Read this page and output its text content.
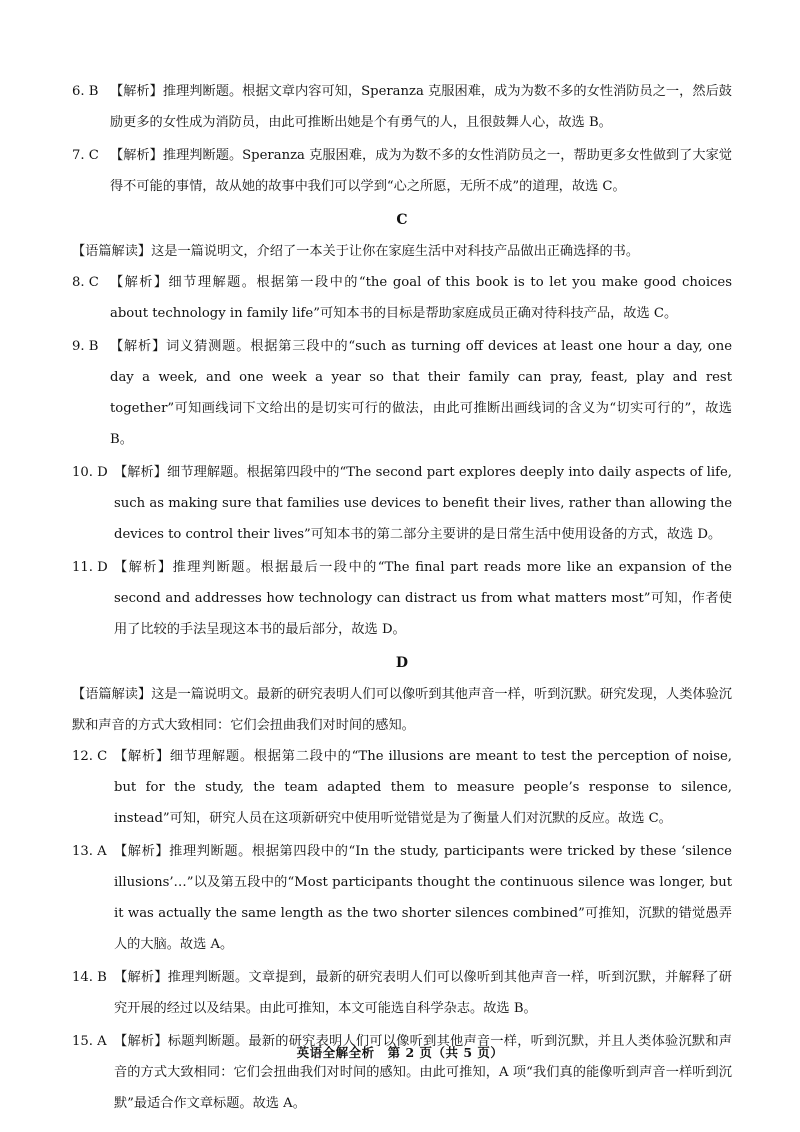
6. B 【解析】推理判断题。根据文章内容可知，Speranza 克服困难，成为为数不多的女性消防员之一，然后鼓励更多的女性成为消防员，由此可推断出她是个有勇气的人，且很鼓舞人心，故选 B。
7. C 【解析】推理判断题。Speranza 克服困难，成为为数不多的女性消防员之一，帮助更多女性做到了大家觉得不可能的事情，故从她的故事中我们可以学到“心之所愿，无所不成”的道理，故选 C。
C
【语篇解读】这是一篇说明文，介绍了一本关于让你在家庭生活中对科技产品做出正确选择的书。
8. C 【解析】细节理解题。根据第一段中的“the goal of this book is to let you make good choices about technology in family life”可知本书的目标是帮助家庭成员正确对待科技产品，故选 C。
9. B 【解析】词义猜测题。根据第三段中的“such as turning off devices at least one hour a day, one day a week, and one week a year so that their family can pray, feast, play and rest together”可知画线词下文给出的是切实可行的做法，由此可推断出画线词的含义为“切实可行的”，故选 B。
10. D 【解析】细节理解题。根据第四段中的“The second part explores deeply into daily aspects of life, such as making sure that families use devices to benefit their lives, rather than allowing the devices to control their lives”可知本书的第二部分主要讲的是日常生活中使用设备的方式，故选 D。
11. D 【解析】推理判断题。根据最后一段中的“The final part reads more like an expansion of the second and addresses how technology can distract us from what matters most”可知，作者使用了比较的手法呈现这本书的最后部分，故选 D。
D
【语篇解读】这是一篇说明文。最新的研究表明人们可以像听到其他声音一样，听到沉默。研究发现，人类体验沉默和声音的方式大致相同：它们会扭曲我们对时间的感知。
12. C 【解析】细节理解题。根据第二段中的“The illusions are meant to test the perception of noise, but for the study, the team adapted them to measure people’s response to silence, instead”可知，研究人员在这项新研究中使用听觉错觉是为了衡量人们对沉默的反应。故选 C。
13. A 【解析】推理判断题。根据第四段中的“In the study, participants were tricked by these ‘silence illusions’…”以及第五段中的“Most participants thought the continuous silence was longer, but it was actually the same length as the two shorter silences combined”可推知，沉默的错觉愚弄人的大脑。故选 A。
14. B 【解析】推理判断题。文章提到，最新的研究表明人们可以像听到其他声音一样，听到沉默，并解释了研究开展的经过以及结果。由此可推知，本文可能选自科学杂志。故选 B。
15. A 【解析】标题判断题。最新的研究表明人们可以像听到其他声音一样，听到沉默，并且人类体验沉默和声音的方式大致相同：它们会扭曲我们对时间的感知。由此可推知，A 项“我们真的能像听到声音一样听到沉默”最适合作文章标题。故选 A。
英语全解全析　第 2 页（共 5 页）
